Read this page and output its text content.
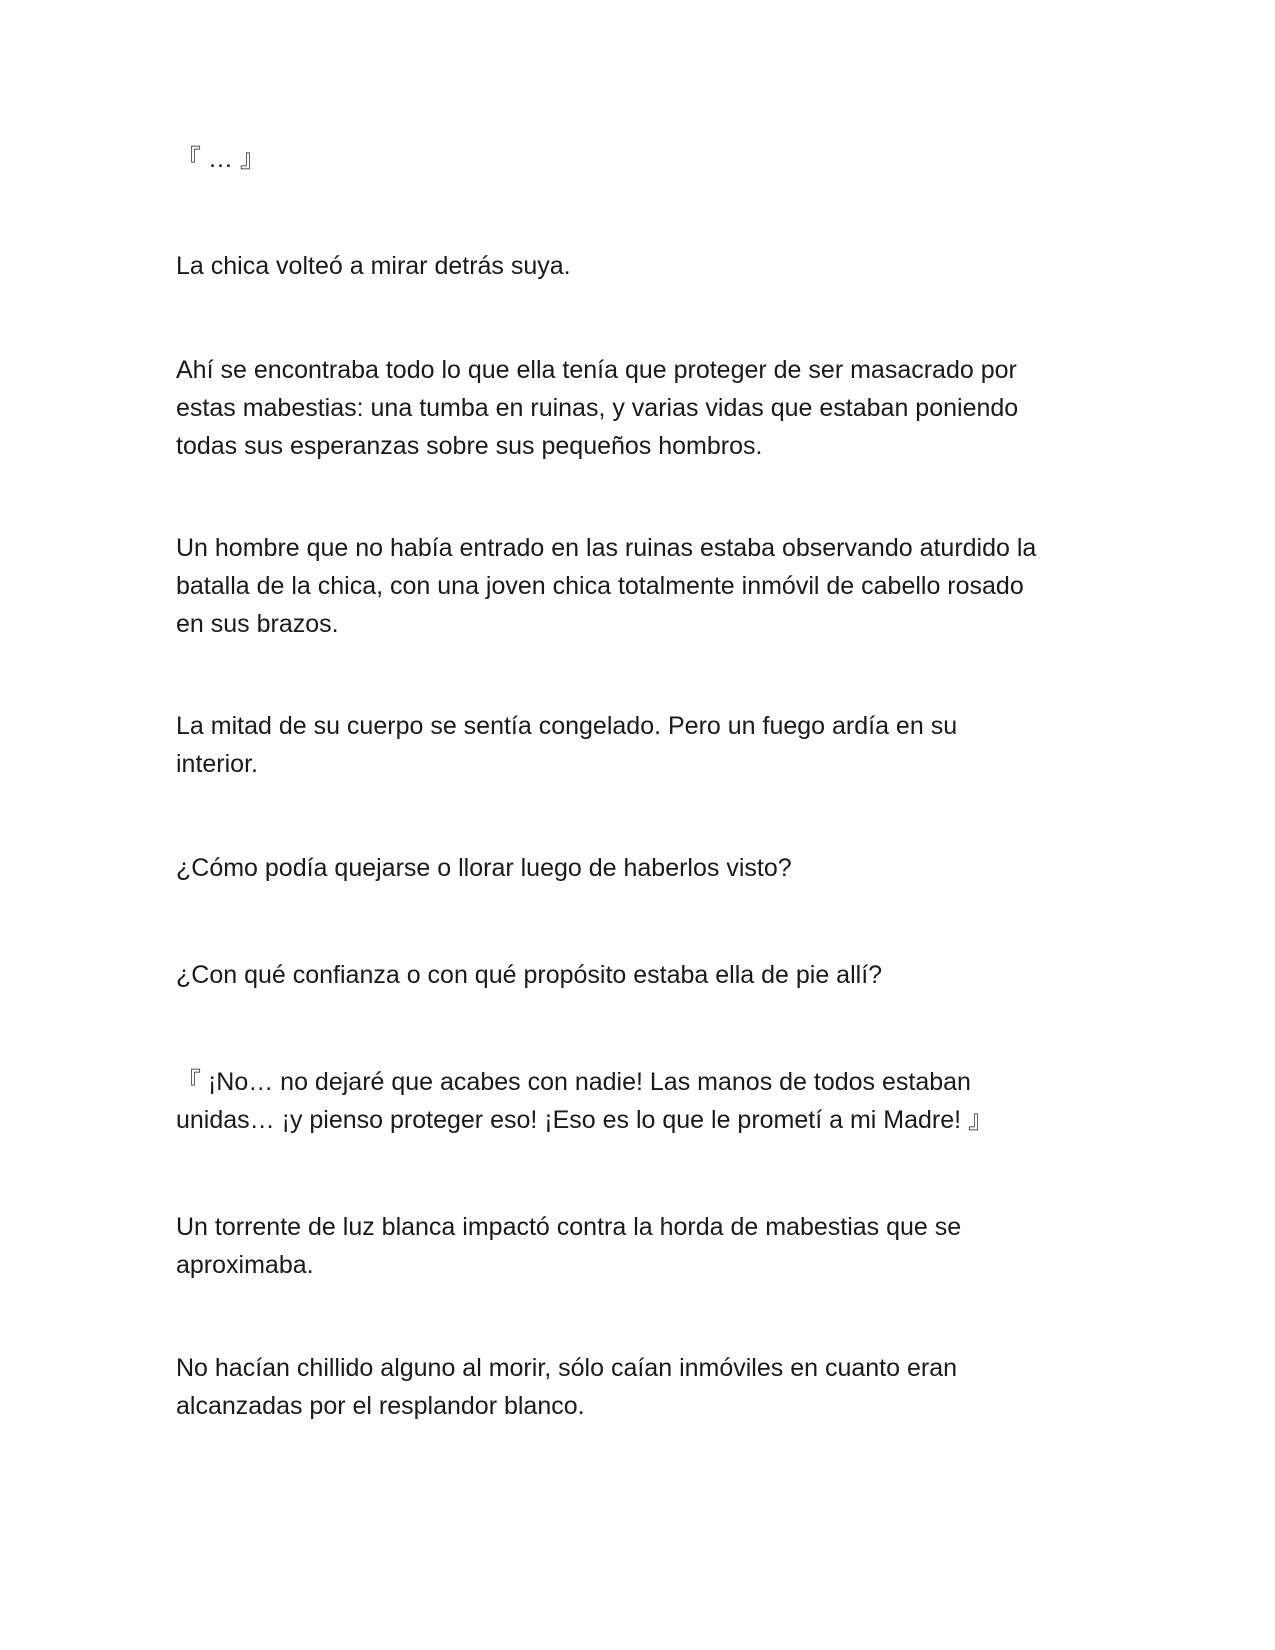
『 … 』

La chica volteó a mirar detrás suya.

Ahí se encontraba todo lo que ella tenía que proteger de ser masacrado por
estas mabestias: una tumba en ruinas, y varias vidas que estaban poniendo
todas sus esperanzas sobre sus pequeños hombros.

Un hombre que no había entrado en las ruinas estaba observando aturdido la
batalla de la chica, con una joven chica totalmente inmóvil de cabello rosado
en sus brazos.

La mitad de su cuerpo se sentía congelado. Pero un fuego ardía en su
interior.

¿Cómo podía quejarse o llorar luego de haberlos visto?

¿Con qué confianza o con qué propósito estaba ella de pie allí?

『 ¡No… no dejaré que acabes con nadie! Las manos de todos estaban
unidas… ¡y pienso proteger eso! ¡Eso es lo que le prometí a mi Madre! 』

Un torrente de luz blanca impactó contra la horda de mabestias que se
aproximaba.

No hacían chillido alguno al morir, sólo caían inmóviles en cuanto eran
alcanzadas por el resplandor blanco.
